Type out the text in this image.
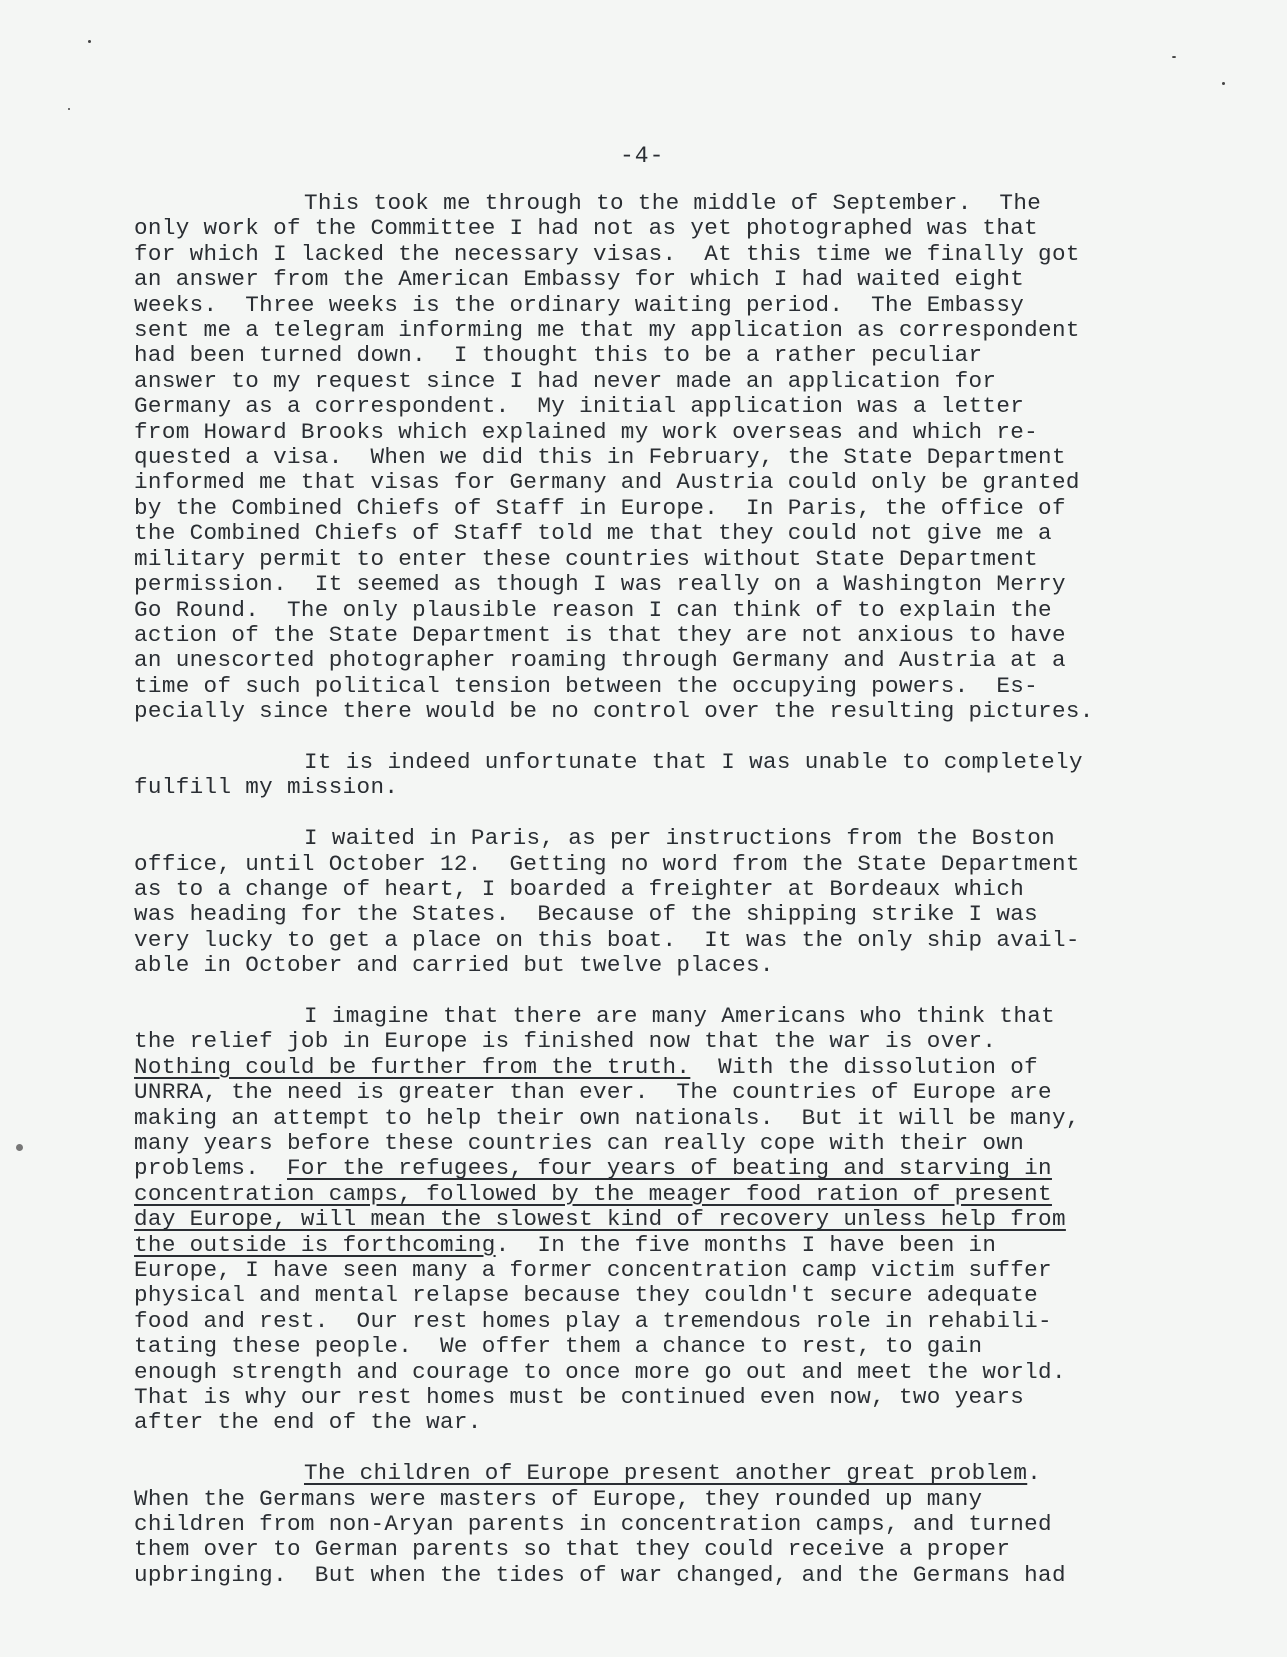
-4-
This took me through to the middle of September.  The
only work of the Committee I had not as yet photographed was that
for which I lacked the necessary visas.  At this time we finally got
an answer from the American Embassy for which I had waited eight
weeks.  Three weeks is the ordinary waiting period.  The Embassy
sent me a telegram informing me that my application as correspondent
had been turned down.  I thought this to be a rather peculiar
answer to my request since I had never made an application for
Germany as a correspondent.  My initial application was a letter
from Howard Brooks which explained my work overseas and which re-
quested a visa.  When we did this in February, the State Department
informed me that visas for Germany and Austria could only be granted
by the Combined Chiefs of Staff in Europe.  In Paris, the office of
the Combined Chiefs of Staff told me that they could not give me a
military permit to enter these countries without State Department
permission.  It seemed as though I was really on a Washington Merry
Go Round.  The only plausible reason I can think of to explain the
action of the State Department is that they are not anxious to have
an unescorted photographer roaming through Germany and Austria at a
time of such political tension between the occupying powers.  Es-
pecially since there would be no control over the resulting pictures.
It is indeed unfortunate that I was unable to completely
fulfill my mission.
I waited in Paris, as per instructions from the Boston
office, until October 12.  Getting no word from the State Department
as to a change of heart, I boarded a freighter at Bordeaux which
was heading for the States.  Because of the shipping strike I was
very lucky to get a place on this boat.  It was the only ship avail-
able in October and carried but twelve places.
I imagine that there are many Americans who think that
the relief job in Europe is finished now that the war is over.
Nothing could be further from the truth.  With the dissolution of
UNRRA, the need is greater than ever.  The countries of Europe are
making an attempt to help their own nationals.  But it will be many,
many years before these countries can really cope with their own
problems.  For the refugees, four years of beating and starving in
concentration camps, followed by the meager food ration of present
day Europe, will mean the slowest kind of recovery unless help from
the outside is forthcoming.  In the five months I have been in
Europe, I have seen many a former concentration camp victim suffer
physical and mental relapse because they couldn't secure adequate
food and rest.  Our rest homes play a tremendous role in rehabili-
tating these people.  We offer them a chance to rest, to gain
enough strength and courage to once more go out and meet the world.
That is why our rest homes must be continued even now, two years
after the end of the war.
The children of Europe present another great problem.
When the Germans were masters of Europe, they rounded up many
children from non-Aryan parents in concentration camps, and turned
them over to German parents so that they could receive a proper
upbringing.  But when the tides of war changed, and the Germans had
